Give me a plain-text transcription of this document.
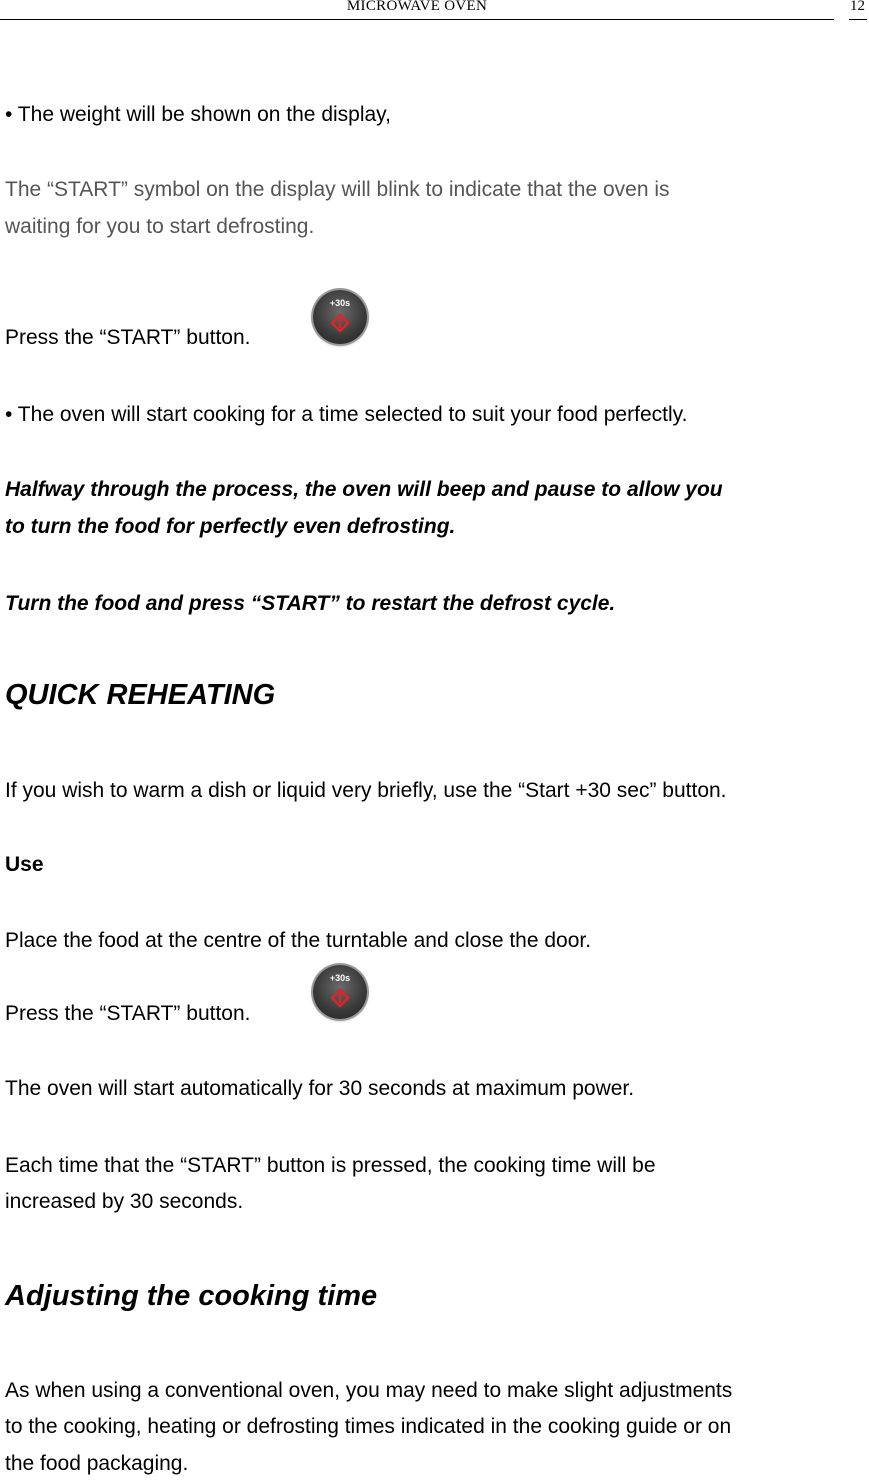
MICROWAVE OVEN	12
• The weight will be shown on the display,
The “START” symbol on the display will blink to indicate that the oven is
waiting for you to start defrosting.
Press the “START” button.
+30s
• The oven will start cooking for a time selected to suit your food perfectly.
Halfway through the process, the oven will beep and pause to allow you
to turn the food for perfectly even defrosting.
Turn the food and press “START” to restart the defrost cycle.
QUICK REHEATING
If you wish to warm a dish or liquid very briefly, use the “Start +30 sec” button.
Use
Place the food at the centre of the turntable and close the door.
Press the “START” button.
+30s
The oven will start automatically for 30 seconds at maximum power.
Each time that the “START” button is pressed, the cooking time will be
increased by 30 seconds.
Adjusting the cooking time
As when using a conventional oven, you may need to make slight adjustments
to the cooking, heating or defrosting times indicated in the cooking guide or on
the food packaging.
